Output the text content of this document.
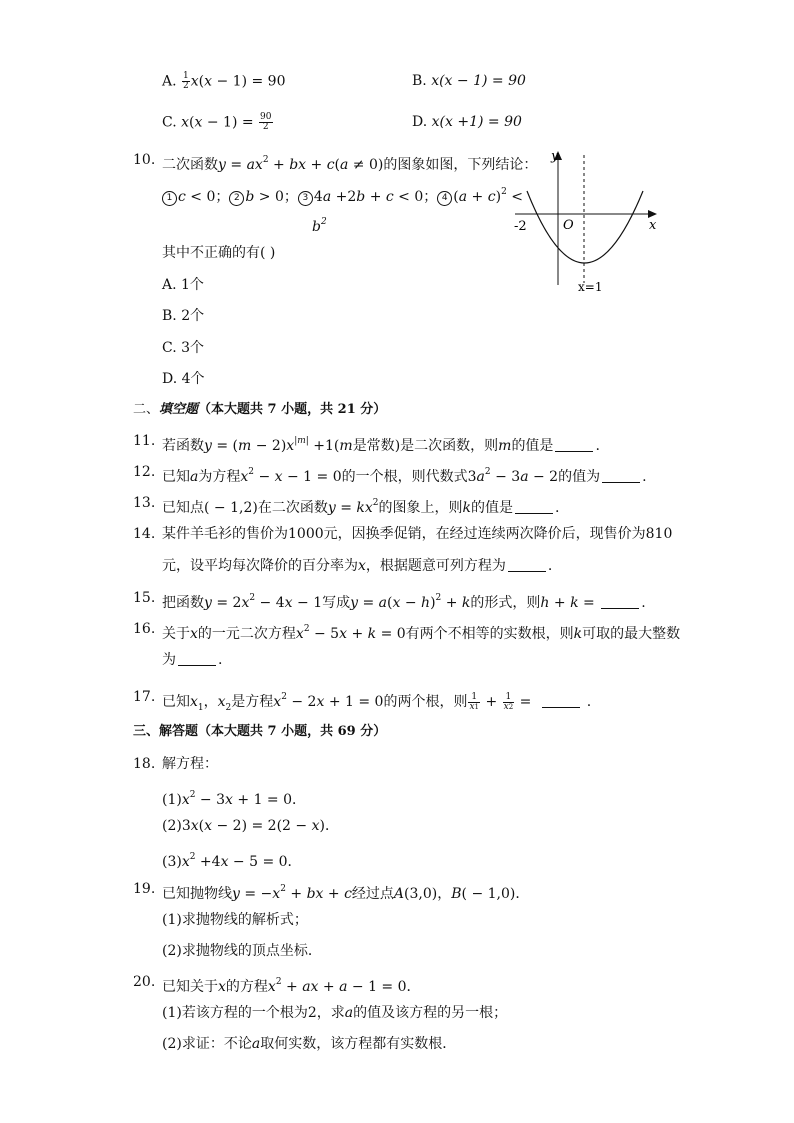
A. $\frac{1}{2} x(x - 1) = 90$	B. x(x − 1) = 90
C. $x(x - 1) = \frac{90}{2}$	D. x(x +1) = 90
10. 二次函数$y = ax^2$ + bx + c(a ≠ 0)的图象如图，下列结论：
1 c < 0； 2 b > 0； 3 4a +2b + c < 0； 4 $(a + c)^2$ <
$b^2$
其中不正确的有( )
A. 1个
B. 2个
C. 3个
D. 4个
y
x
O
-2
x=1
二、填空题（本大题共 7 小题，共 21 分）
11. 若函数$y = (m - 2)x^{|m|} +1(m$是常数)是二次函数，则m的值是	.
12. 已知a为方程$x^2 - x - 1 = 0$的一个根，则代数式$3a^2 - 3a - 2$的值为	.
13. 已知点( − 1,2)在二次函数$y = kx^2$的图象上，则k的值是	.
14. 某件羊毛衫的售价为1000元，因换季促销，在经过连续两次降价后，现售价为810
元，设平均每次降价的百分率为x，根据题意可列方程为	.
15. 把函数$y = 2x^2 - 4x - 1$写成$y = a(x - h)^2 + k$的形式，则h + k =	.
16. 关于x的一元二次方程$x^2 - 5x + k = 0$有两个不相等的实数根，则k可取的最大整数
为	.
17. 已知$x_1$，$x_2$是方程$x^2 - 2x + 1 = 0$的两个根，则 $\frac{1}{x1} + \frac{1}{x2}$ =	.
三、解答题（本大题共 7 小题，共 69 分）
18. 解方程：
$(1)x^2 - 3x + 1 = 0$．
(2)3x(x − 2) = 2(2 − x)．
$(3)x^2 +4x - 5 = 0$．
19. 已知抛物线$y = -x^2$ + bx + c经过点A(3,0)，B( − 1,0)．
(1)求抛物线的解析式；
(2)求抛物线的顶点坐标．
20. 已知关于x的方程$x^2$ + ax + a − 1 = 0．
(1)若该方程的一个根为2，求a的值及该方程的另一根；
(2)求证：不论a取何实数，该方程都有实数根．
